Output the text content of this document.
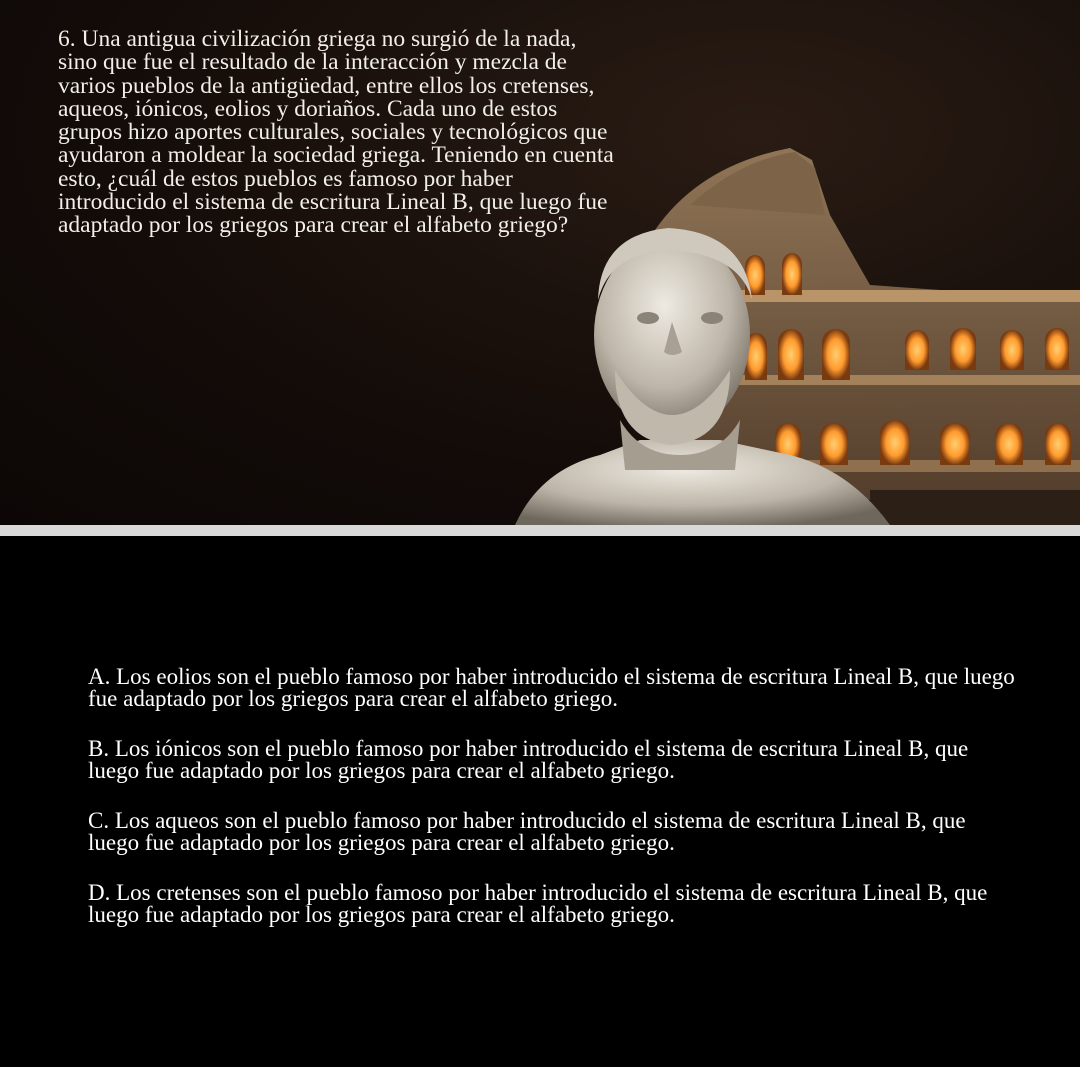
6. Una antigua civilización griega no surgió de la nada, sino que fue el resultado de la interacción y mezcla de varios pueblos de la antigüedad, entre ellos los cretenses, aqueos, iónicos, eolios y doriaños. Cada uno de estos grupos hizo aportes culturales, sociales y tecnológicos que ayudaron a moldear la sociedad griega. Teniendo en cuenta esto, ¿cuál de estos pueblos es famoso por haber introducido el sistema de escritura Lineal B, que luego fue adaptado por los griegos para crear el alfabeto griego?

A. Los eolios son el pueblo famoso por haber introducido el sistema de escritura Lineal B, que luego fue adaptado por los griegos para crear el alfabeto griego.

B. Los iónicos son el pueblo famoso por haber introducido el sistema de escritura Lineal B, que luego fue adaptado por los griegos para crear el alfabeto griego.

C. Los aqueos son el pueblo famoso por haber introducido el sistema de escritura Lineal B, que luego fue adaptado por los griegos para crear el alfabeto griego.

D. Los cretenses son el pueblo famoso por haber introducido el sistema de escritura Lineal B, que luego fue adaptado por los griegos para crear el alfabeto griego.
